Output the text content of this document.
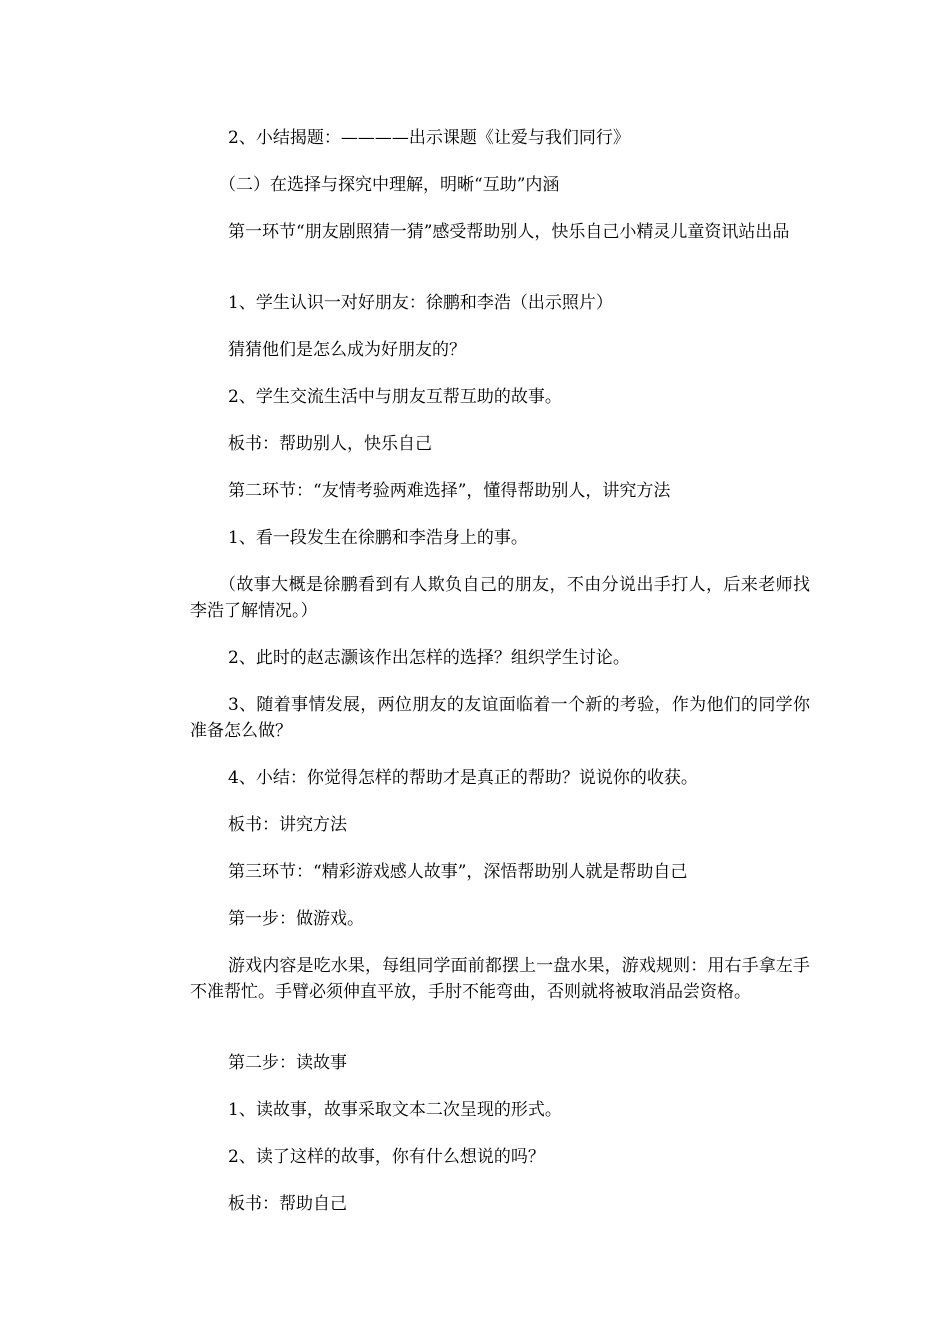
2、小结揭题：————出示课题《让爱与我们同行》

（二）在选择与探究中理解，明晰“互助”内涵

第一环节“朋友剧照猜一猜”感受帮助别人，快乐自己小精灵儿童资讯站出品

1、学生认识一对好朋友：徐鹏和李浩（出示照片）

猜猜他们是怎么成为好朋友的？

2、学生交流生活中与朋友互帮互助的故事。

板书：帮助别人，快乐自己

第二环节：“友情考验两难选择”，懂得帮助别人，讲究方法

1、看一段发生在徐鹏和李浩身上的事。

（故事大概是徐鹏看到有人欺负自己的朋友，不由分说出手打人，后来老师找李浩了解情况。）

2、此时的赵志灏该作出怎样的选择？组织学生讨论。

3、随着事情发展，两位朋友的友谊面临着一个新的考验，作为他们的同学你准备怎么做？

4、小结：你觉得怎样的帮助才是真正的帮助？说说你的收获。

板书：讲究方法

第三环节：“精彩游戏感人故事”，深悟帮助别人就是帮助自己

第一步：做游戏。

游戏内容是吃水果，每组同学面前都摆上一盘水果，游戏规则：用右手拿左手不准帮忙。手臂必须伸直平放，手肘不能弯曲，否则就将被取消品尝资格。

第二步：读故事

1、读故事，故事采取文本二次呈现的形式。

2、读了这样的故事，你有什么想说的吗？

板书：帮助自己
